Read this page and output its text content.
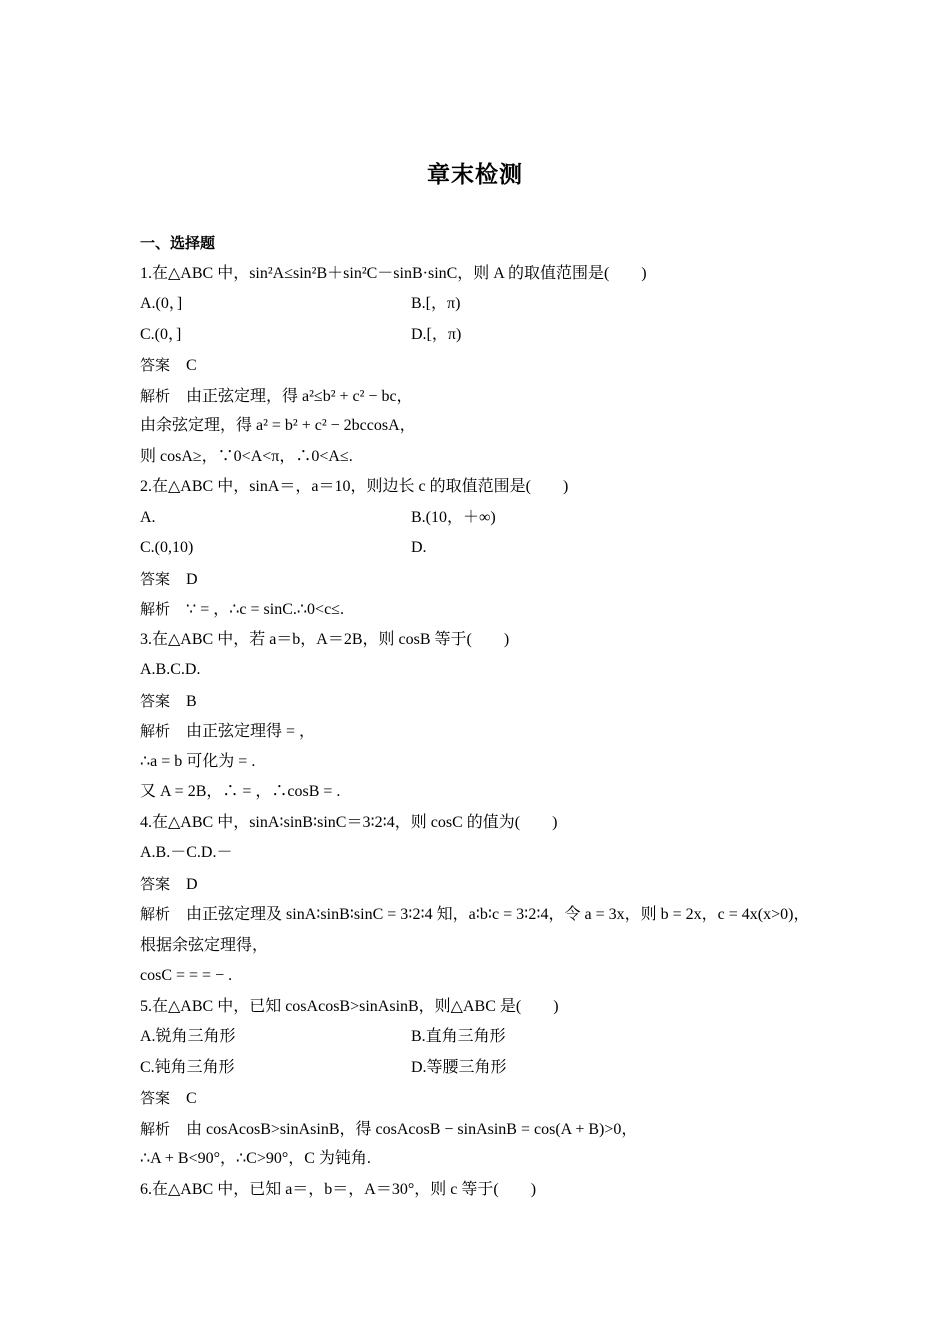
章末检测
一、选择题
1.在△ABC 中，sin²A≤sin²B＋sin²C－sinB·sinC，则 A 的取值范围是(　　)
A.(0，]	B.[，π)
C.(0，]	D.[，π)
答案 C
解析 由正弦定理，得 a²≤b² + c² − bc，
由余弦定理，得 a² = b² + c² − 2bccosA，
则 cosA≥，∵0<A<π，∴0<A≤.
2.在△ABC 中，sinA＝，a＝10，则边长 c 的取值范围是(　　)
A.	B.(10，＋∞)
C.(0,10)	D.
答案 D
解析 ∵ = ，∴c = sinC.∴0<c≤.
3.在△ABC 中，若 a＝b，A＝2B，则 cosB 等于(　　)
A.B.C.D.
答案 B
解析 由正弦定理得 = ，
∴a = b 可化为 = .
又 A = 2B，∴ = ，∴cosB = .
4.在△ABC 中，sinA∶sinB∶sinC＝3∶2∶4，则 cosC 的值为(　　)
A.B.－C.D.－
答案 D
解析 由正弦定理及 sinA∶sinB∶sinC = 3∶2∶4 知，a∶b∶c = 3∶2∶4，令 a = 3x，则 b = 2x，c = 4x(x>0)，根据余弦定理得，
cosC = = = − .
5.在△ABC 中，已知 cosAcosB>sinAsinB，则△ABC 是(　　)
A.锐角三角形	B.直角三角形
C.钝角三角形	D.等腰三角形
答案 C
解析 由 cosAcosB>sinAsinB，得 cosAcosB − sinAsinB = cos(A + B)>0，
∴A + B<90°，∴C>90°，C 为钝角.
6.在△ABC 中，已知 a＝，b＝，A＝30°，则 c 等于(　　)
